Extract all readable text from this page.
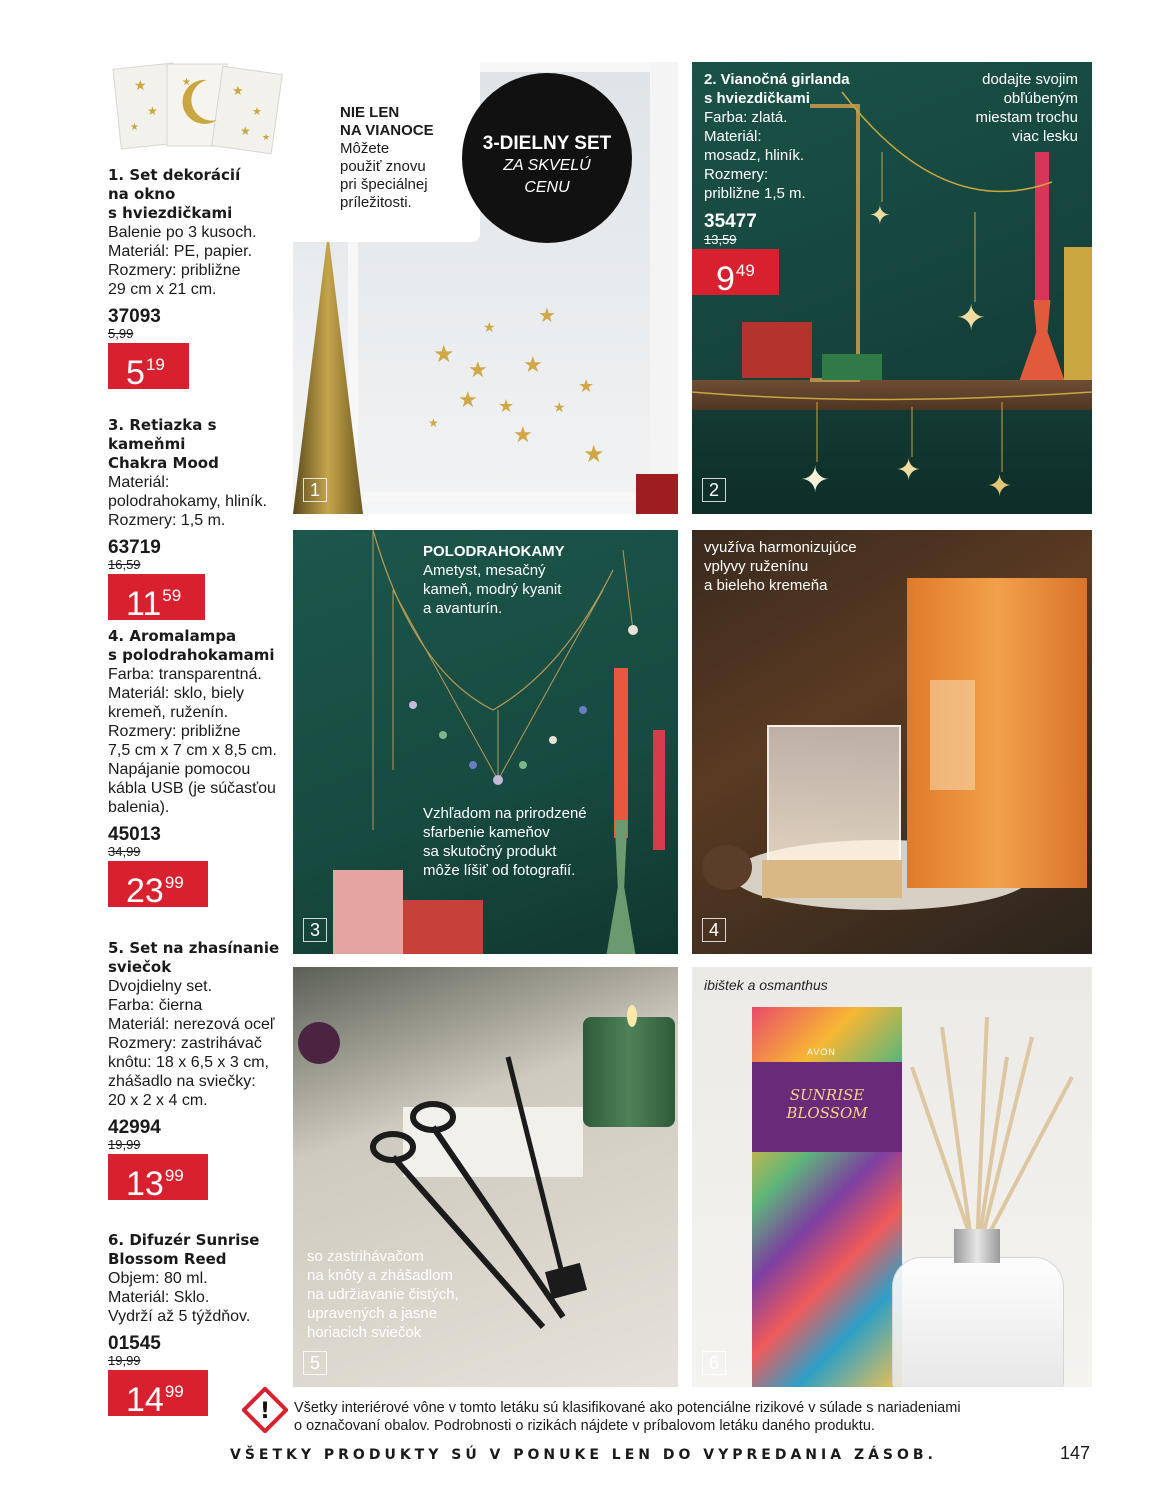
★
★
★
★
★
★
★ ★
1. Set dekorácií
na okno
s hviezdičkami
Balenie po 3 kusoch.
Materiál: PE, papier.
Rozmery: približne
29 cm x 21 cm.
37093
5,99
$5^{19}$
3. Retiazka s kameňmi
Chakra Mood
Materiál:
polodrahokamy, hliník.
Rozmery: 1,5 m.
63719
16,59
$11^{59}$
4. Aromalampa
s polodrahokamami
Farba: transparentná.
Materiál: sklo, biely
kremeň, ruženín.
Rozmery: približne
7,5 cm x 7 cm x 8,5 cm.
Napájanie pomocou
kábla USB (je súčasťou
balenia).
45013
34,99
$23^{99}$
5. Set na zhasínanie
sviečok
Dvojdielny set.
Farba: čierna
Materiál: nerezová oceľ
Rozmery: zastrihávač
knôtu: 18 x 6,5 x 3 cm,
zhášadlo na sviečky:
20 x 2 x 4 cm.
42994
19,99
$13^{99}$
6. Difuzér Sunrise
Blossom Reed
Objem: 80 ml.
Materiál: Sklo.
Vydrží až 5 týždňov.
01545
19,99
$14^{99}$
★
★ ★
★
★ ★
★
★
★
★
★
★
1
NIE LEN
NA VIANOCE
Môžete
použiť znovu
pri špeciálnej
príležitosti.
3-DIELNY SET
ZA SKVELÚ
CENU
✦
✦
✦ ✦ ✦
2. Vianočná girlanda
s hviezdičkami
Farba: zlatá.
Materiál:
mosadz, hliník.
Rozmery:
približne 1,5 m.
35477
13,59
$9^{49}$
dodajte svojim
obľúbeným
miestam trochu
viac lesku
2
POLODRAHOKAMY
Ametyst, mesačný
kameň, modrý kyanit
a avanturín.
Vzhľadom na prirodzené
sfarbenie kameňov
sa skutočný produkt
môže líšiť od fotografií.
3
využíva harmonizujúce
vplyvy ruženínu
a bieleho kremeňa
4
so zastrihávačom
na knôty a zhášadlom
na udržiavanie čistých,
upravených a jasne
horiacich sviečok
5
ibištek a osmanthus
AVON
SUNRISE
BLOSSOM
6
! Všetky interiérové vône v tomto letáku sú klasifikované ako potenciálne rizikové v súlade s nariadeniami
o označovaní obalov. Podrobnosti o rizikách nájdete v príbalovom letáku daného produktu.
VŠETKY PRODUKTY SÚ V PONUKE LEN DO VYPREDANIA ZÁSOB.	147
